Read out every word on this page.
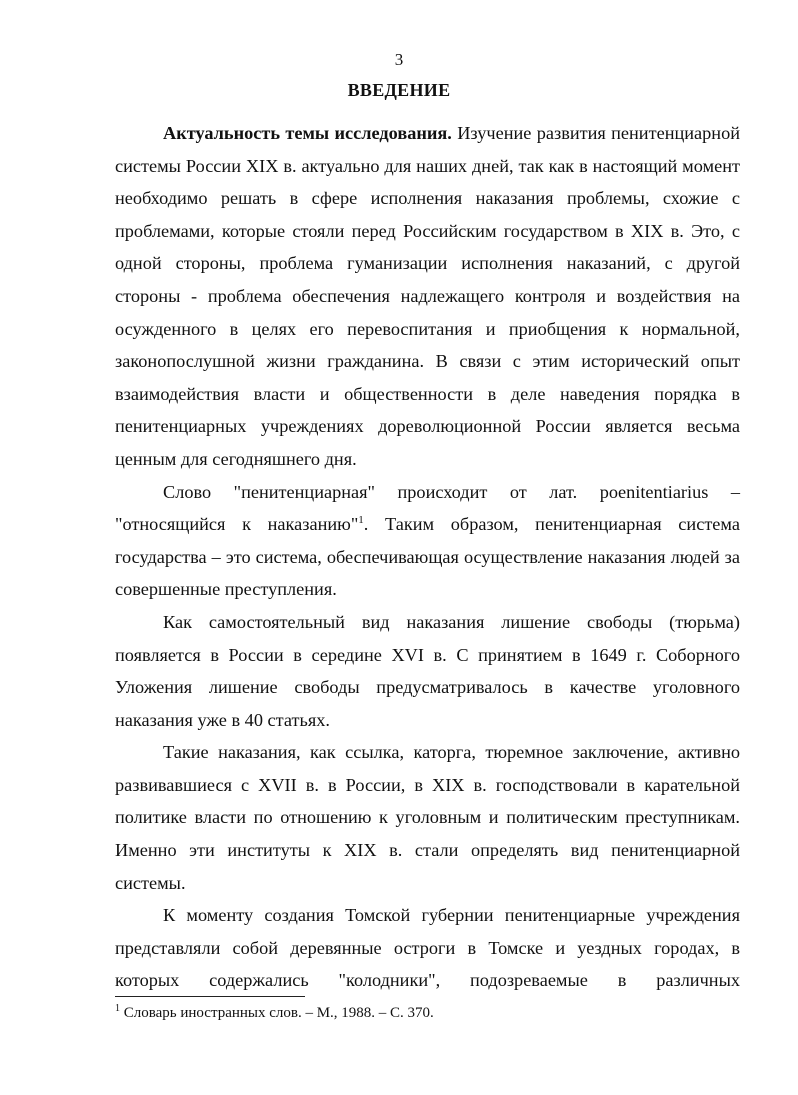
3
ВВЕДЕНИЕ

Актуальность темы исследования. Изучение развития пенитенциарной системы России XIX в. актуально для наших дней, так как в настоящий момент необходимо решать в сфере исполнения наказания проблемы, схожие с проблемами, которые стояли перед Российским государством в XIX в. Это, с одной стороны, проблема гуманизации исполнения наказаний, с другой стороны - проблема обеспечения надлежащего контроля и воздействия на осужденного в целях его перевоспитания и приобщения к нормальной, законопослушной жизни гражданина. В связи с этим исторический опыт взаимодействия власти и общественности в деле наведения порядка в пенитенциарных учреждениях дореволюционной России является весьма ценным для сегодняшнего дня.

Слово "пенитенциарная" происходит от лат. poenitentiarius – "относящийся к наказанию"$^1$. Таким образом, пенитенциарная система государства – это система, обеспечивающая осуществление наказания людей за совершенные преступления.

Как самостоятельный вид наказания лишение свободы (тюрьма) появляется в России в середине XVI в. С принятием в 1649 г. Соборного Уложения лишение свободы предусматривалось в качестве уголовного наказания уже в 40 статьях.

Такие наказания, как ссылка, каторга, тюремное заключение, активно развивавшиеся с XVII в. в России, в XIX в. господствовали в карательной политике власти по отношению к уголовным и политическим преступникам. Именно эти институты к XIX в. стали определять вид пенитенциарной системы.

К моменту создания Томской губернии пенитенциарные учреждения представляли собой деревянные остроги в Томске и уездных городах, в которых содержались "колодники", подозреваемые в различных

$^1$ Словарь иностранных слов. – М., 1988. – С. 370.
